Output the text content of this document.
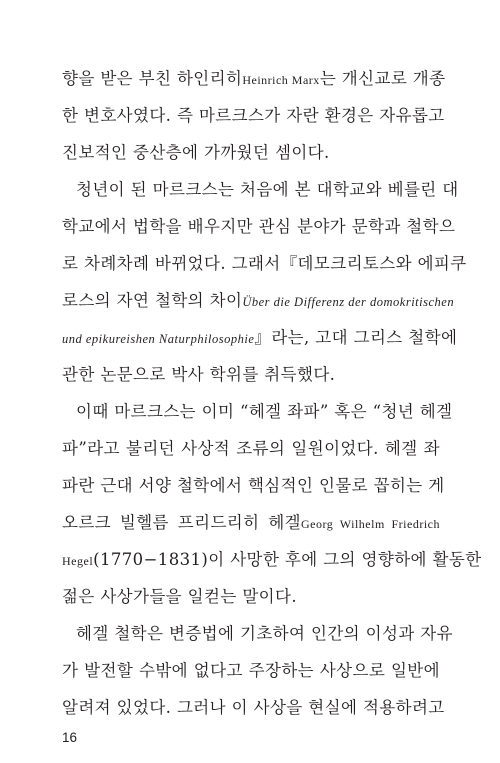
향을 받은 부친 하인리히Heinrich Marx는 개신교로 개종
한 변호사였다. 즉 마르크스가 자란 환경은 자유롭고
진보적인 중산층에 가까웠던 셈이다.
청년이 된 마르크스는 처음에 본 대학교와 베를린 대
학교에서 법학을 배우지만 관심 분야가 문학과 철학으
로 차례차례 바뀌었다. 그래서『데모크리토스와 에피쿠
로스의 자연 철학의 차이Über die Differenz der domokritischen
und epikureishen Naturphilosophie』라는, 고대 그리스 철학에
관한 논문으로 박사 학위를 취득했다.
이때 마르크스는 이미 “헤겔 좌파” 혹은 “청년 헤겔
파”라고 불리던 사상적 조류의 일원이었다. 헤겔 좌
파란 근대 서양 철학에서 핵심적인 인물로 꼽히는 게
오르크 빌헬름 프리드리히 헤겔Georg Wilhelm Friedrich
Hegel(1770−1831)이 사망한 후에 그의 영향하에 활동한
젊은 사상가들을 일컫는 말이다.
헤겔 철학은 변증법에 기초하여 인간의 이성과 자유
가 발전할 수밖에 없다고 주장하는 사상으로 일반에
알려져 있었다. 그러나 이 사상을 현실에 적용하려고
16
